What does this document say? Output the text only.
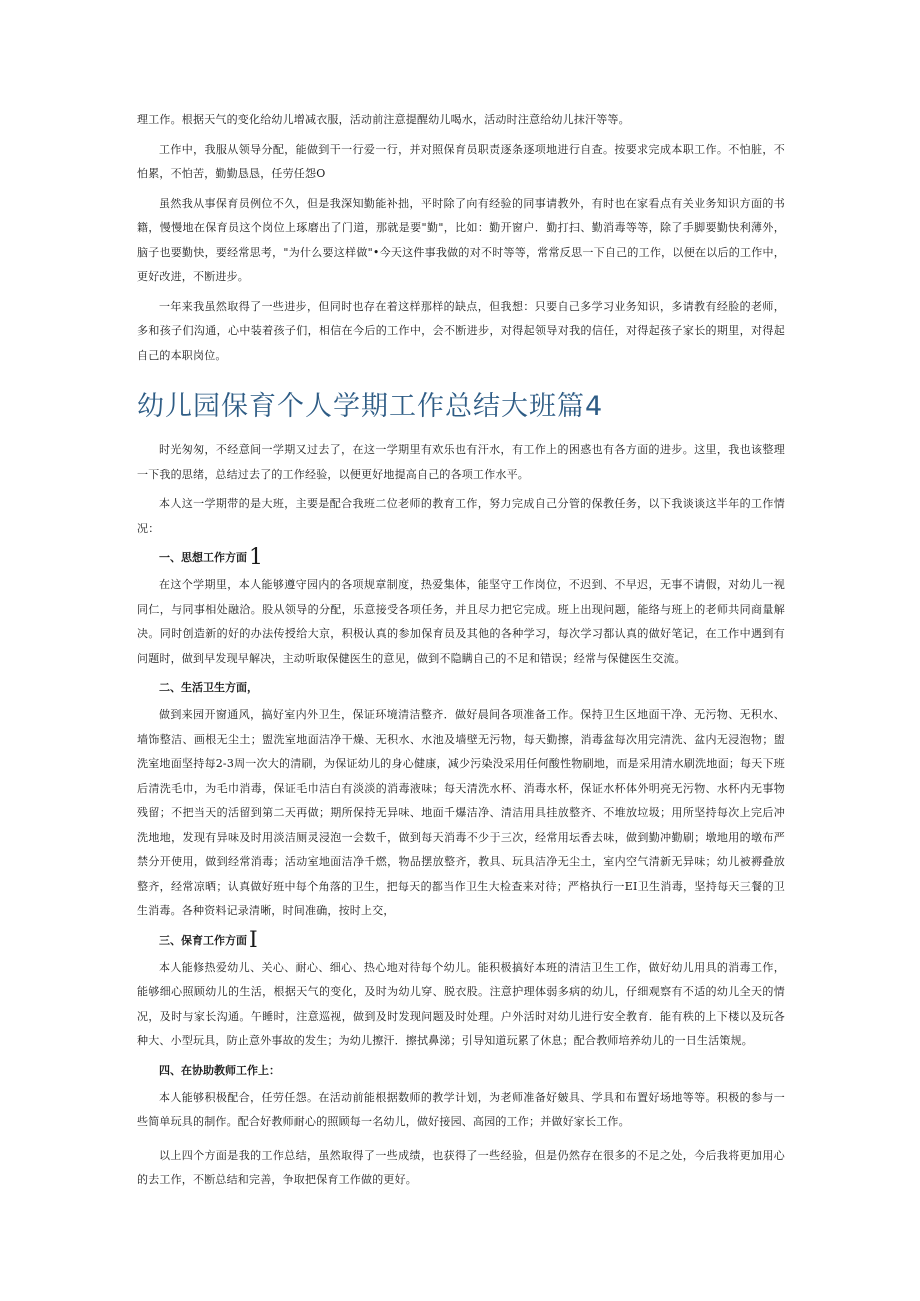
理工作。根据天气的变化给幼儿增减衣服，活动前注意提醒幼儿喝水，活动时注意给幼儿抹汗等等。

工作中，我服从领导分配，能做到干一行爱一行，并对照保育员职责逐条逐项地进行自查。按要求完成本职工作。不怕脏，不怕累，不怕苦，勤勤恳恳，任劳任怨O

虽然我从事保育员例位不久，但是我深知勤能补拙，平时除了向有经验的同事请教外，有时也在家看点有关业务知识方面的书籍，慢慢地在保育员这个岗位上琢磨出了门道，那就是要"勤"，比如：勤开窗户．勤打扫、勤消毒等等，除了手脚要勤快利薄外，脑子也要勤快，要经常思考，"为什么要这样做"•今天这件事我做的对不时等等，常常反思一下自己的工作，以便在以后的工作中，更好改进，不断进步。

一年来我虽然取得了一些进步，但同时也存在着这样那样的缺点，但我想：只要自己多学习业务知识，多请教有经脸的老师，多和孩子们沟通，心中装着孩子们，相信在今后的工作中，会不断进步，对得起领导对我的信任，对得起孩子家长的期里，对得起自己的本职岗位。

幼儿园保育个人学期工作总结大班篇4

时光匆匆，不经意间一学期又过去了，在这一学期里有欢乐也有汗水，有工作上的困惑也有各方面的进步。这里，我也该整理一下我的思绪，总结过去了的工作经验，以便更好地提高自己的各项工作水平。

本人这一学期带的是大班，主要是配合我班二位老师的教育工作，努力完成自己分管的保教任务，以下我谈谈这半年的工作情况：

一、思想工作方面1

在这个学期里，本人能够遵守园内的各项规章制度，热爱集体，能坚守工作岗位，不迟到、不早迟，无事不请假，对幼儿一视同仁，与同事相处融洽。股从领导的分配，乐意接受各项任务，并且尽力把它完成。班上出现问题，能络与班上的老师共同商量解决。同时创造新的好的办法传授给大京，积极认真的参加保育员及其他的各种学习，每次学习都认真的做好笔记，在工作中遇到有问题时，做到早发现早解决，主动听取保健医生的意见，做到不隐瞒自己的不足和错误；经常与保健医生交流。

二、生活卫生方面，

做到来园开窗通风，搞好室内外卫生，保证环境清洁整齐．做好晨间各项准备工作。保持卫生区地面干净、无污物、无积水、墙饰整洁、画根无尘土；盥洗室地面洁净干燥、无积水、水池及墙壁无污物，每天勤擦，消毒盆每次用完清洗、盆内无浸泡物；盥洗室地面坚持每2-3周一次大的清刷，为保证幼儿的身心健康，减少污染没采用任何酸性物刷地，而是采用清水刷洗地面；每天下班后清洗毛巾，为毛巾消毒，保证毛巾洁白有淡淡的消毒液味；每天清洗水杯、消毒水杯，保证水杯体外明亮无污物、水杯内无事物残留；不把当天的活留到第二天再做；期所保持无异味、地面千爆洁净、清洁用具挂放整齐、不堆放垃圾；用所坚持每次上完后冲洗地地，发现有异味及时用淡洁厕灵浸泡一会数千，做到每天消毒不少于三次，经常用坛香去味，做到勤冲勤刷；墩地用的墩布严禁分开使用，做到经常消毒；活动室地面洁净千燃，物品摆放整齐，教具、玩具洁净无尘土，室内空气清新无异味；幼儿被褥叠放整齐，经常凉晒；认真做好班中每个角落的卫生，把每天的都当作卫生大检查来对待；严格执行一EI卫生消毒，坚持每天三餐的卫生消毒。各种资料记录清晰，时间准确，按时上交，

三、保育工作方面I

本人能修热爱幼儿、关心、耐心、细心、热心地对待每个幼儿。能积极搞好本班的清洁卫生工作，做好幼儿用具的消毒工作，能够细心照顾幼儿的生活，根据天气的变化，及时为幼儿穿、脱衣股。注意护理体弱多病的幼儿，仔细观察有不适的幼儿全天的情况，及时与家长沟通。午睡时，注意巡视，做到及时发现问题及时处理。户外活时对幼儿进行安全教育．能有秩的上下楼以及玩各种大、小型玩具，防止意外事故的发生；为幼儿擦汗．擦拭鼻涕；引导知道玩累了休息；配合教师培养幼儿的一日生活策规。

四、在协助教师工作上：

本人能够积极配合，任劳任怨。在活动前能根据数师的教学计划，为老师准备好皴具、学具和布置好场地等等。积极的参与一些简单玩具的制作。配合好教师耐心的照顾每一名幼儿，做好接园、高园的工作；并做好家长工作。

以上四个方面是我的工作总结，虽然取得了一些成绩，也获得了一些经验，但是仍然存在很多的不足之处，今后我将更加用心的去工作，不断总结和完善，争取把保育工作做的更好。
